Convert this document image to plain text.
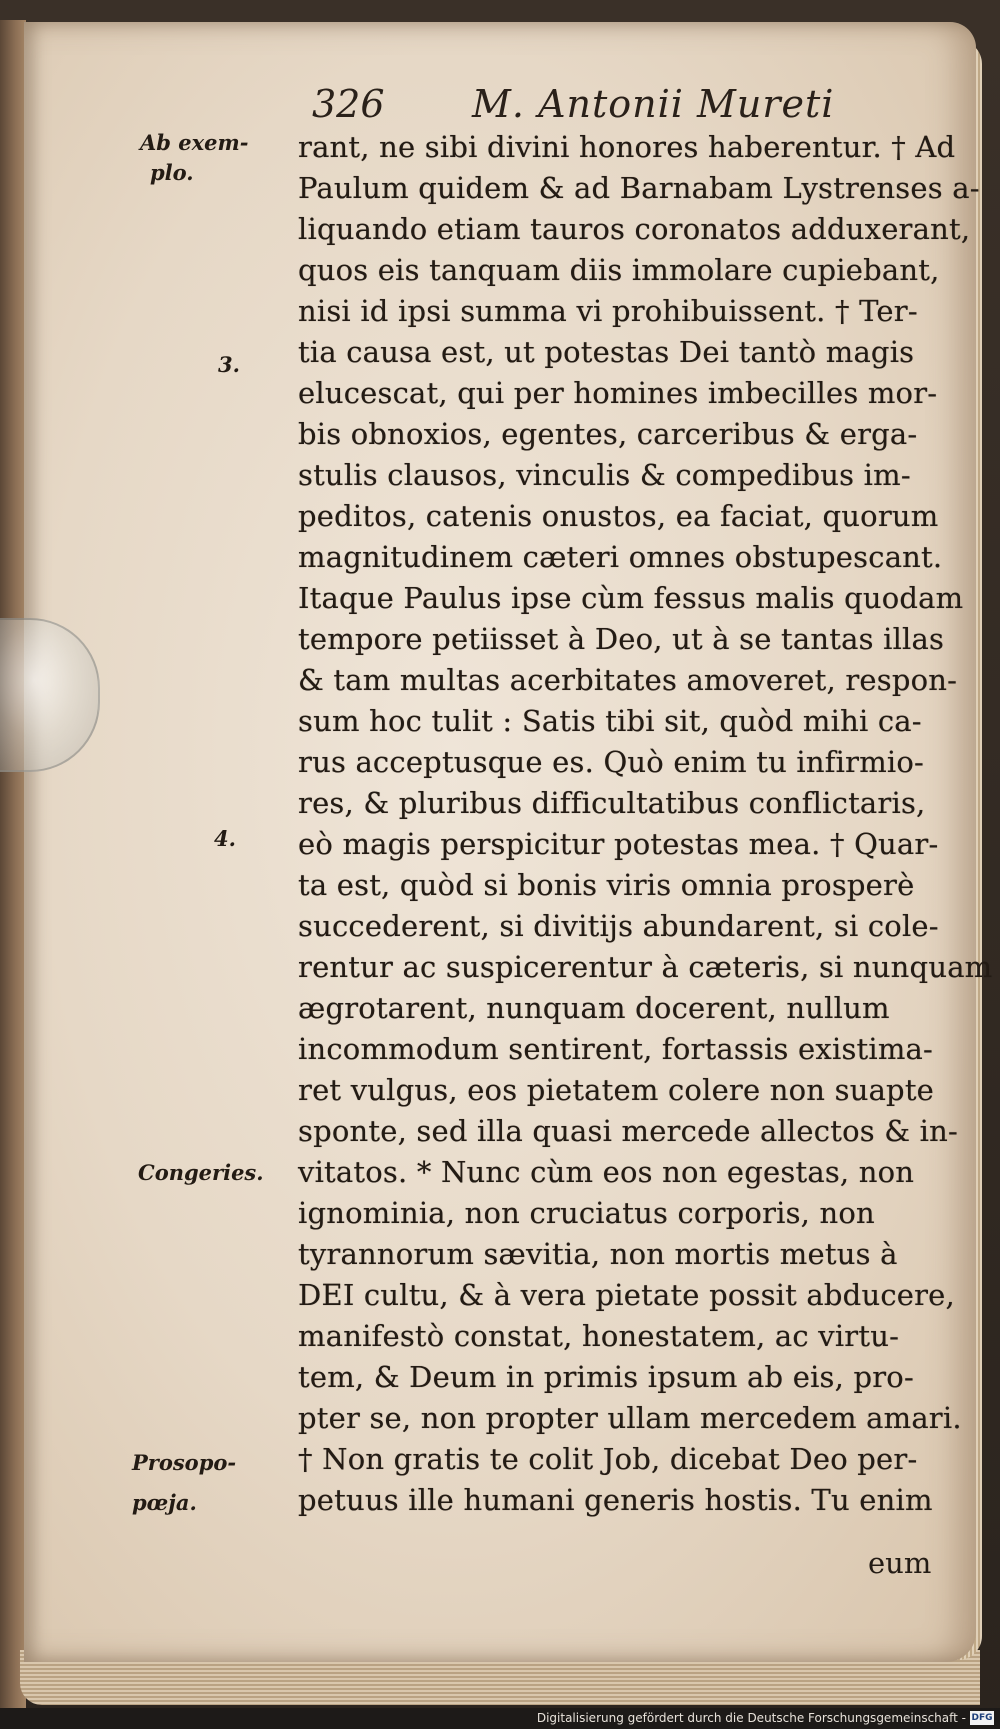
326 M. Antonii Mureti
Ab exem-
plo.
3.
4.
Congeries.
Prosopo-
pœja.
rant, ne sibi divini honores haberentur. † Ad
Paulum quidem & ad Barnabam Lystrenses a-
liquando etiam tauros coronatos adduxerant,
quos eis tanquam diis immolare cupiebant,
nisi id ipsi summa vi prohibuissent. † Ter-
tia causa est, ut potestas Dei tantò magis
elucescat, qui per homines imbecilles mor-
bis obnoxios, egentes, carceribus & erga-
stulis clausos, vinculis & compedibus im-
peditos, catenis onustos, ea faciat, quorum
magnitudinem cæteri omnes obstupescant.
Itaque Paulus ipse cùm fessus malis quodam
tempore petiisset à Deo, ut à se tantas illas
& tam multas acerbitates amoveret, respon-
sum hoc tulit : Satis tibi sit, quòd mihi ca-
rus acceptusque es. Quò enim tu infirmio-
res, & pluribus difficultatibus conflictaris,
eò magis perspicitur potestas mea. † Quar-
ta est, quòd si bonis viris omnia prosperè
succederent, si divitijs abundarent, si cole-
rentur ac suspicerentur à cæteris, si nunquam
ægrotarent, nunquam docerent, nullum
incommodum sentirent, fortassis existima-
ret vulgus, eos pietatem colere non suapte
sponte, sed illa quasi mercede allectos & in-
vitatos. * Nunc cùm eos non egestas, non
ignominia, non cruciatus corporis, non
tyrannorum sævitia, non mortis metus à
DEI cultu, & à vera pietate possit abducere,
manifestò constat, honestatem, ac virtu-
tem, & Deum in primis ipsum ab eis, pro-
pter se, non propter ullam mercedem amari.
† Non gratis te colit Job, dicebat Deo per-
petuus ille humani generis hostis. Tu enim
eum
Digitalisierung gefördert durch die Deutsche Forschungsgemeinschaft - DFG
